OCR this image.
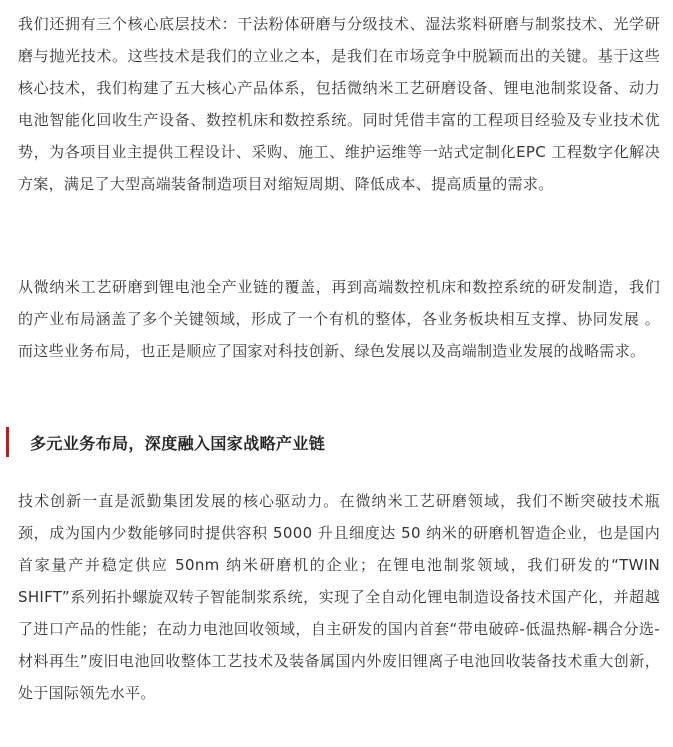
我们还拥有三个核心底层技术：干法粉体研磨与分级技术、湿法浆料研磨与制浆技术、光学研磨与抛光技术。这些技术是我们的立业之本，是我们在市场竞争中脱颖而出的关键。基于这些核心技术，我们构建了五大核心产品体系，包括微纳米工艺研磨设备、锂电池制浆设备、动力电池智能化回收生产设备、数控机床和数控系统。同时凭借丰富的工程项目经验及专业技术优势，为各项目业主提供工程设计、采购、施工、维护运维等一站式定制化EPC 工程数字化解决方案，满足了大型高端装备制造项目对缩短周期、降低成本、提高质量的需求。

从微纳米工艺研磨到锂电池全产业链的覆盖，再到高端数控机床和数控系统的研发制造，我们的产业布局涵盖了多个关键领域，形成了一个有机的整体，各业务板块相互支撑、协同发展 。而这些业务布局，也正是顺应了国家对科技创新、绿色发展以及高端制造业发展的战略需求。

多元业务布局，深度融入国家战略产业链

技术创新一直是派勤集团发展的核心驱动力。在微纳米工艺研磨领域，我们不断突破技术瓶颈，成为国内少数能够同时提供容积 5000 升且细度达 50 纳米的研磨机智造企业，也是国内首家量产并稳定供应 50nm 纳米研磨机的企业；在锂电池制浆领域，我们研发的“TWIN SHIFT”系列拓扑螺旋双转子智能制浆系统，实现了全自动化锂电制造设备技术国产化，并超越了进口产品的性能；在动力电池回收领域，自主研发的国内首套“带电破碎-低温热解-耦合分选-材料再生”废旧电池回收整体工艺技术及装备属国内外废旧锂离子电池回收装备技术重大创新，处于国际领先水平。
